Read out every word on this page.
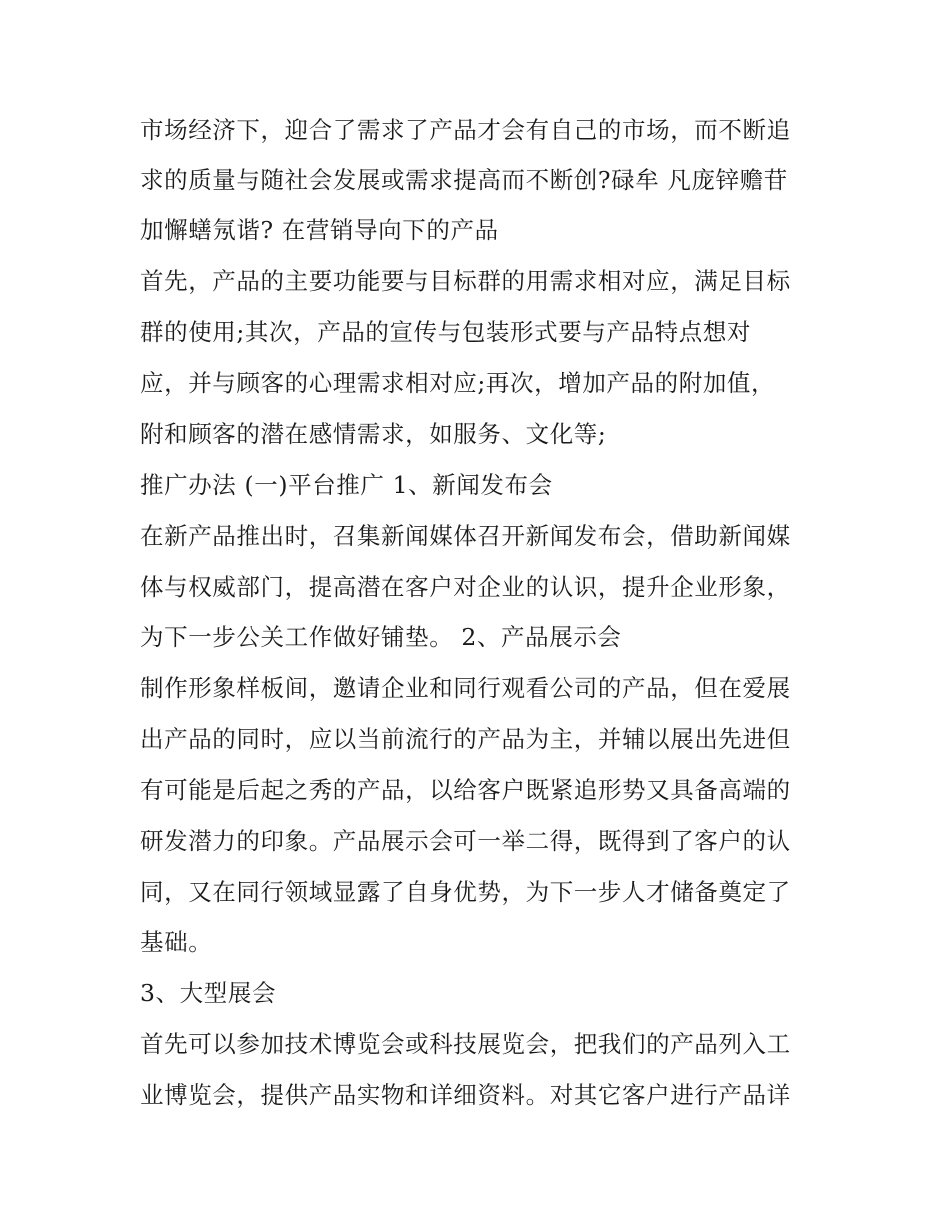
市场经济下，迎合了需求了产品才会有自己的市场，而不断追
求的质量与随社会发展或需求提高而不断创?碌牟 凡庞锌赡苷
加懈蟮氖谐? 在营销导向下的产品
首先，产品的主要功能要与目标群的用需求相对应，满足目标
群的使用;其次，产品的宣传与包装形式要与产品特点想对
应，并与顾客的心理需求相对应;再次，增加产品的附加值，
附和顾客的潜在感情需求，如服务、文化等;
推广办法 (一)平台推广 1、新闻发布会
在新产品推出时，召集新闻媒体召开新闻发布会，借助新闻媒
体与权威部门，提高潜在客户对企业的认识，提升企业形象，
为下一步公关工作做好铺垫。 2、产品展示会
制作形象样板间，邀请企业和同行观看公司的产品，但在爱展
出产品的同时，应以当前流行的产品为主，并辅以展出先进但
有可能是后起之秀的产品，以给客户既紧追形势又具备高端的
研发潜力的印象。产品展示会可一举二得，既得到了客户的认
同，又在同行领域显露了自身优势，为下一步人才储备奠定了
基础。
3、大型展会
首先可以参加技术博览会或科技展览会，把我们的产品列入工
业博览会，提供产品实物和详细资料。对其它客户进行产品详
